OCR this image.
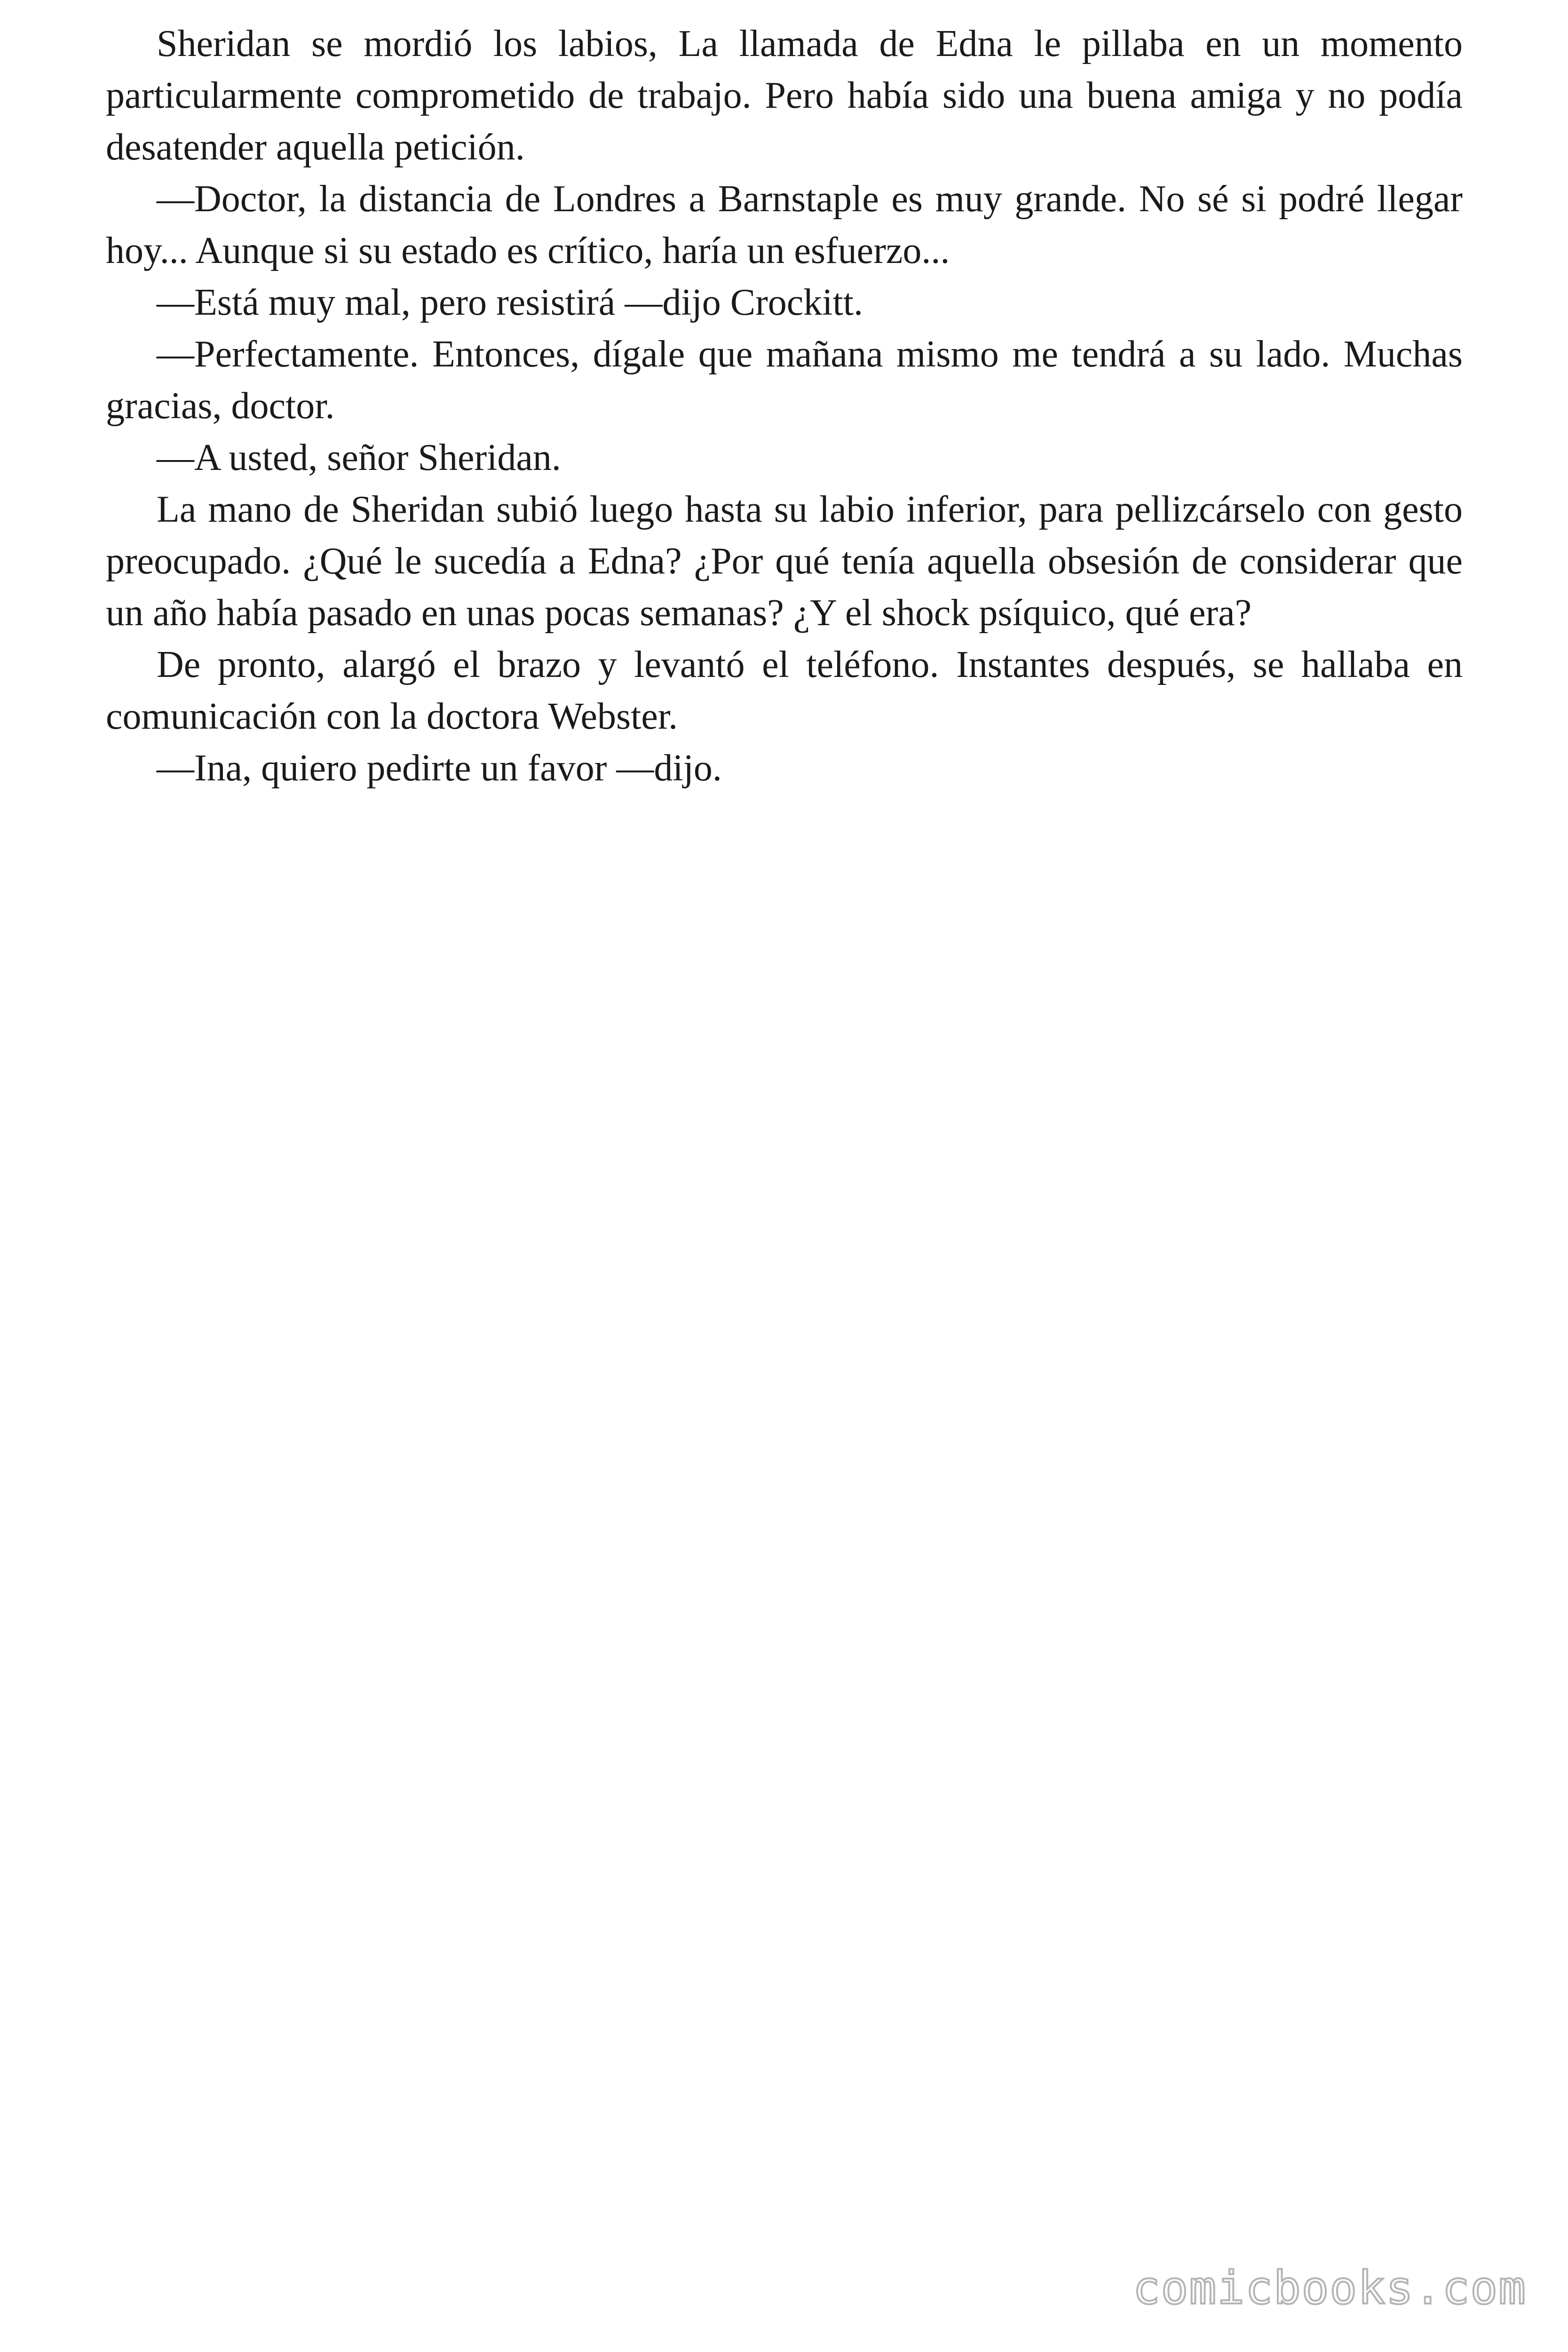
Sheridan se mordió los labios, La llamada de Edna le pillaba en un momento particularmente comprometido de trabajo. Pero había sido una buena amiga y no podía desatender aquella petición.

—Doctor, la distancia de Londres a Barnstaple es muy grande. No sé si podré llegar hoy... Aunque si su estado es crítico, haría un esfuerzo...

—Está muy mal, pero resistirá —dijo Crockitt.

—Perfectamente. Entonces, dígale que mañana mismo me tendrá a su lado. Muchas gracias, doctor.

—A usted, señor Sheridan.

La mano de Sheridan subió luego hasta su labio inferior, para pellizcárselo con gesto preocupado. ¿Qué le sucedía a Edna? ¿Por qué tenía aquella obsesión de considerar que un año había pasado en unas pocas semanas? ¿Y el shock psíquico, qué era?

De pronto, alargó el brazo y levantó el teléfono. Instantes después, se hallaba en comunicación con la doctora Webster.

—Ina, quiero pedirte un favor —dijo.

comicbooks.com
